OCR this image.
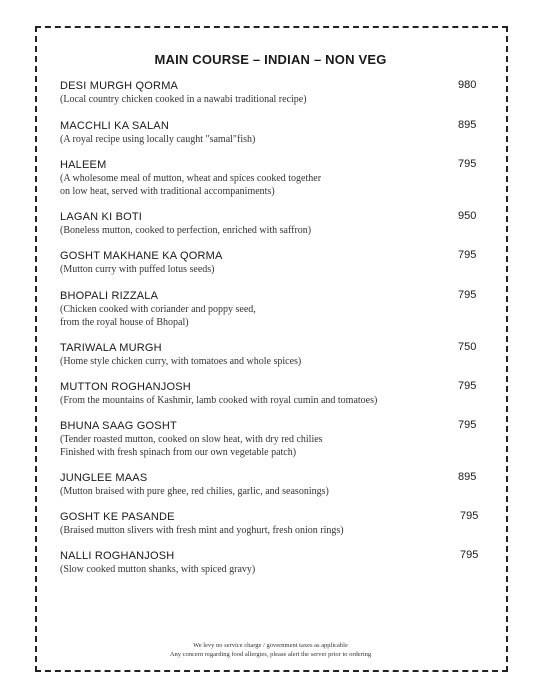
MAIN COURSE – INDIAN – NON VEG
DESI MURGH QORMA
(Local country chicken cooked in a nawabi traditional recipe)
980
MACCHLI KA SALAN
(A royal recipe using locally caught "samal"fish)
895
HALEEM
(A wholesome meal of mutton, wheat and spices cooked together
on low heat, served with traditional accompaniments)
795
LAGAN KI BOTI
(Boneless mutton, cooked to perfection, enriched with saffron)
950
GOSHT MAKHANE KA QORMA
(Mutton curry with puffed lotus seeds)
795
BHOPALI RIZZALA
(Chicken cooked with coriander and poppy seed,
from the royal house of Bhopal)
795
TARIWALA MURGH
(Home style chicken curry, with tomatoes and whole spices)
750
MUTTON ROGHANJOSH
(From the mountains of Kashmir, lamb cooked with royal cumin and tomatoes)
795
BHUNA SAAG GOSHT
(Tender roasted mutton, cooked on slow heat, with dry red chilies
Finished with fresh spinach from our own vegetable patch)
795
JUNGLEE MAAS
(Mutton braised with pure ghee, red chilies, garlic, and seasonings)
895
GOSHT KE PASANDE
(Braised mutton slivers with fresh mint and yoghurt, fresh onion rings)
795
NALLI ROGHANJOSH
(Slow cooked mutton shanks, with spiced gravy)
795
We levy no service charge / government taxes as applicable
Any concern regarding food allergies, please alert the server prior to ordering
